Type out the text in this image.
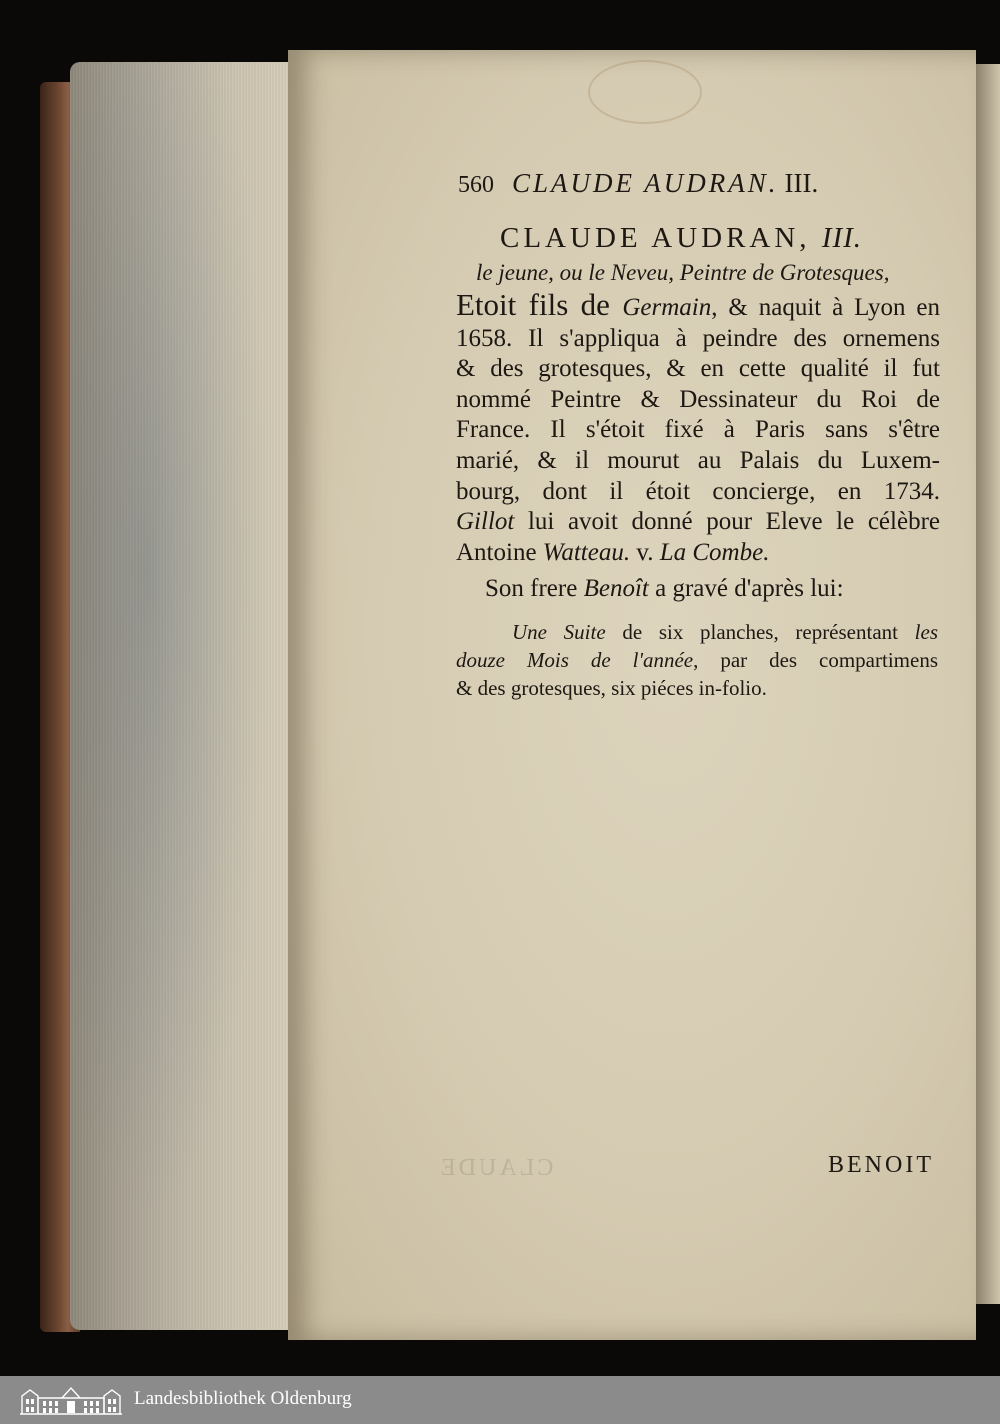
560 CLAUDE AUDRAN. III.
CLAUDE AUDRAN, III.
le jeune, ou le Neveu, Peintre de Grotesques,
Etoit fils de Germain, & naquit à Lyon en
1658. Il s'appliqua à peindre des ornemens
& des grotesques, & en cette qualité il fut
nommé Peintre & Dessinateur du Roi de
France. Il s'étoit fixé à Paris sans s'être
marié, & il mourut au Palais du Luxem-
bourg, dont il étoit concierge, en 1734.
Gillot lui avoit donné pour Eleve le célèbre
Antoine Watteau. v. La Combe.
Son frere Benoît a gravé d'après lui:
Une Suite de six planches, représentant les
douze Mois de l'année, par des compartimens
& des grotesques, six piéces in-folio.
CLAUDE	BENOIT
Landesbibliothek Oldenburg
